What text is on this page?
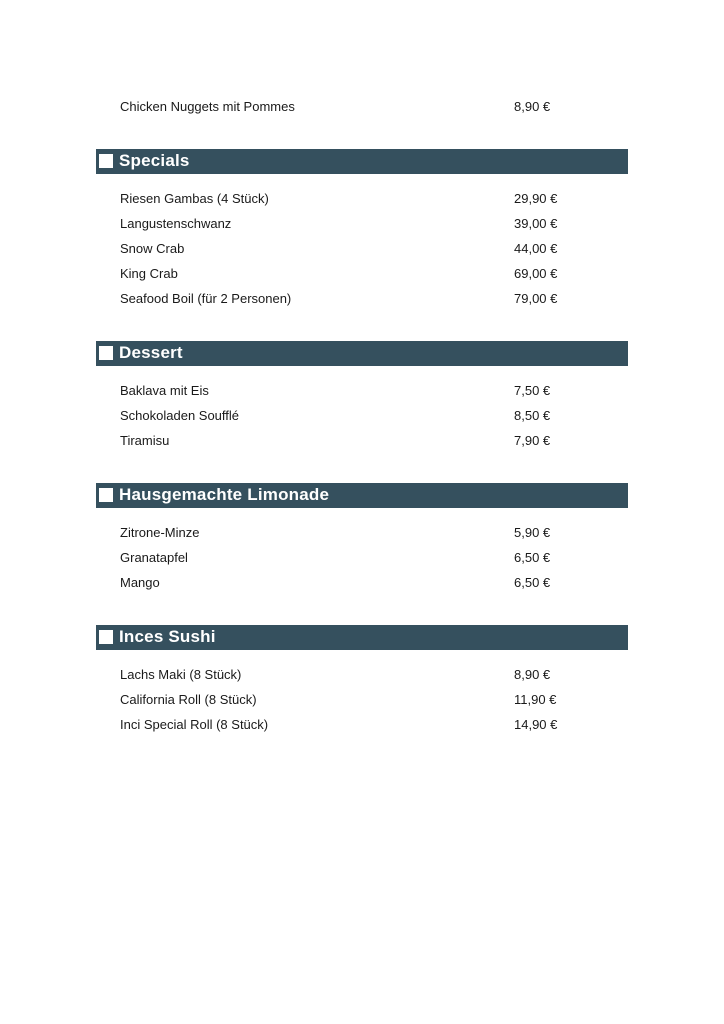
Chicken Nuggets mit Pommes	8,90 €
Specials
Riesen Gambas (4 Stück)	29,90 €
Langustenschwanz	39,00 €
Snow Crab	44,00 €
King Crab	69,00 €
Seafood Boil (für 2 Personen)	79,00 €
Dessert
Baklava mit Eis	7,50 €
Schokoladen Soufflé	8,50 €
Tiramisu	7,90 €
Hausgemachte Limonade
Zitrone-Minze	5,90 €
Granatapfel	6,50 €
Mango	6,50 €
Inces Sushi
Lachs Maki (8 Stück)	8,90 €
California Roll (8 Stück)	11,90 €
Inci Special Roll (8 Stück)	14,90 €
